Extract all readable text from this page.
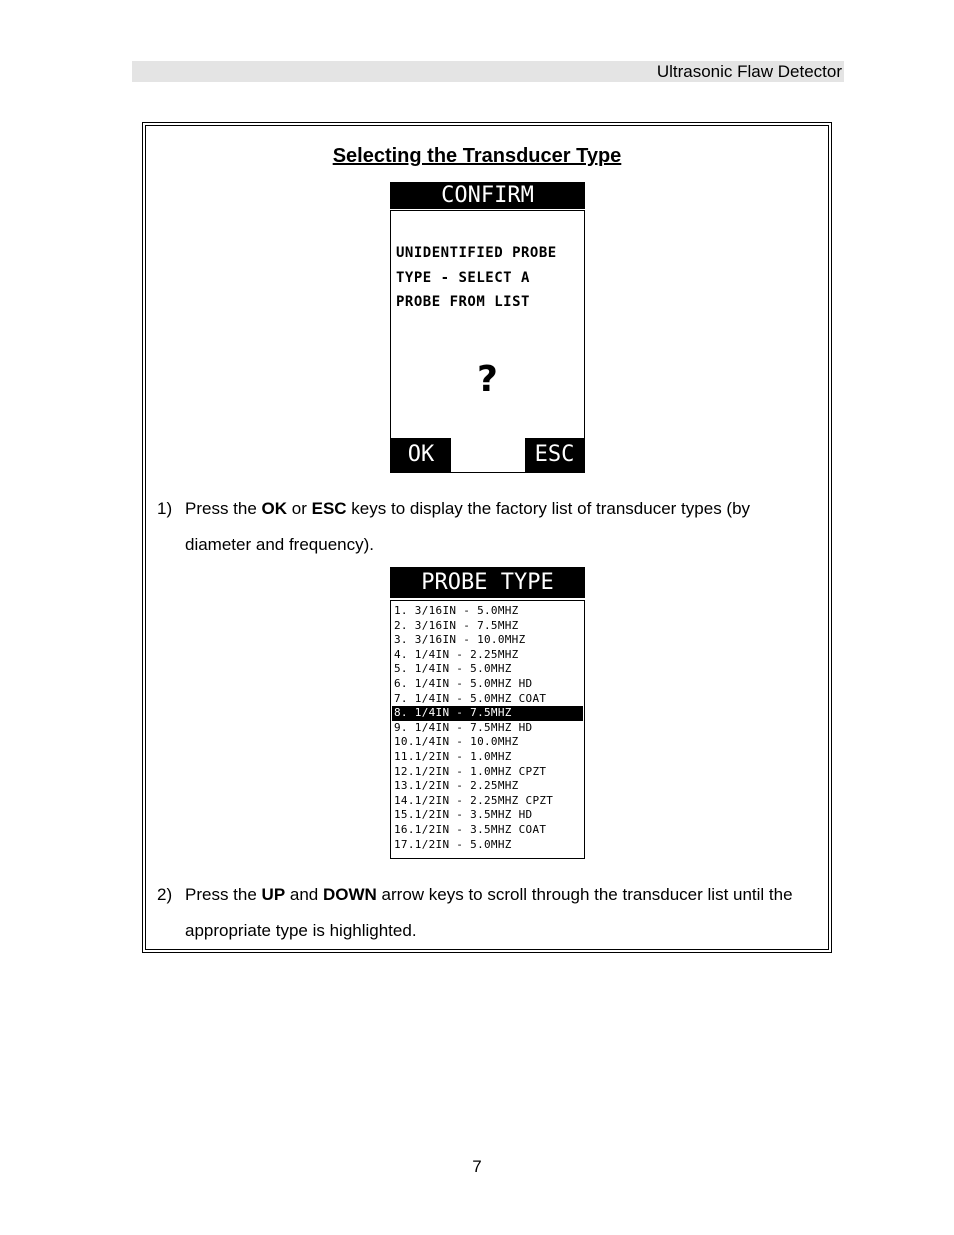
Ultrasonic Flaw Detector
Selecting the Transducer Type
CONFIRM
UNIDENTIFIED PROBE
TYPE - SELECT A
PROBE FROM LIST
?
OK	ESC
1) Press the OK or ESC keys to display the factory list of transducer types (by diameter and frequency).
PROBE TYPE
1. 3/16IN - 5.0MHZ
2. 3/16IN - 7.5MHZ
3. 3/16IN - 10.0MHZ
4. 1/4IN - 2.25MHZ
5. 1/4IN - 5.0MHZ
6. 1/4IN - 5.0MHZ HD
7. 1/4IN - 5.0MHZ COAT
8. 1/4IN - 7.5MHZ
9. 1/4IN - 7.5MHZ HD
10.1/4IN - 10.0MHZ
11.1/2IN - 1.0MHZ
12.1/2IN - 1.0MHZ CPZT
13.1/2IN - 2.25MHZ
14.1/2IN - 2.25MHZ CPZT
15.1/2IN - 3.5MHZ HD
16.1/2IN - 3.5MHZ COAT
17.1/2IN - 5.0MHZ
2) Press the UP and DOWN arrow keys to scroll through the transducer list until the appropriate type is highlighted.
7
